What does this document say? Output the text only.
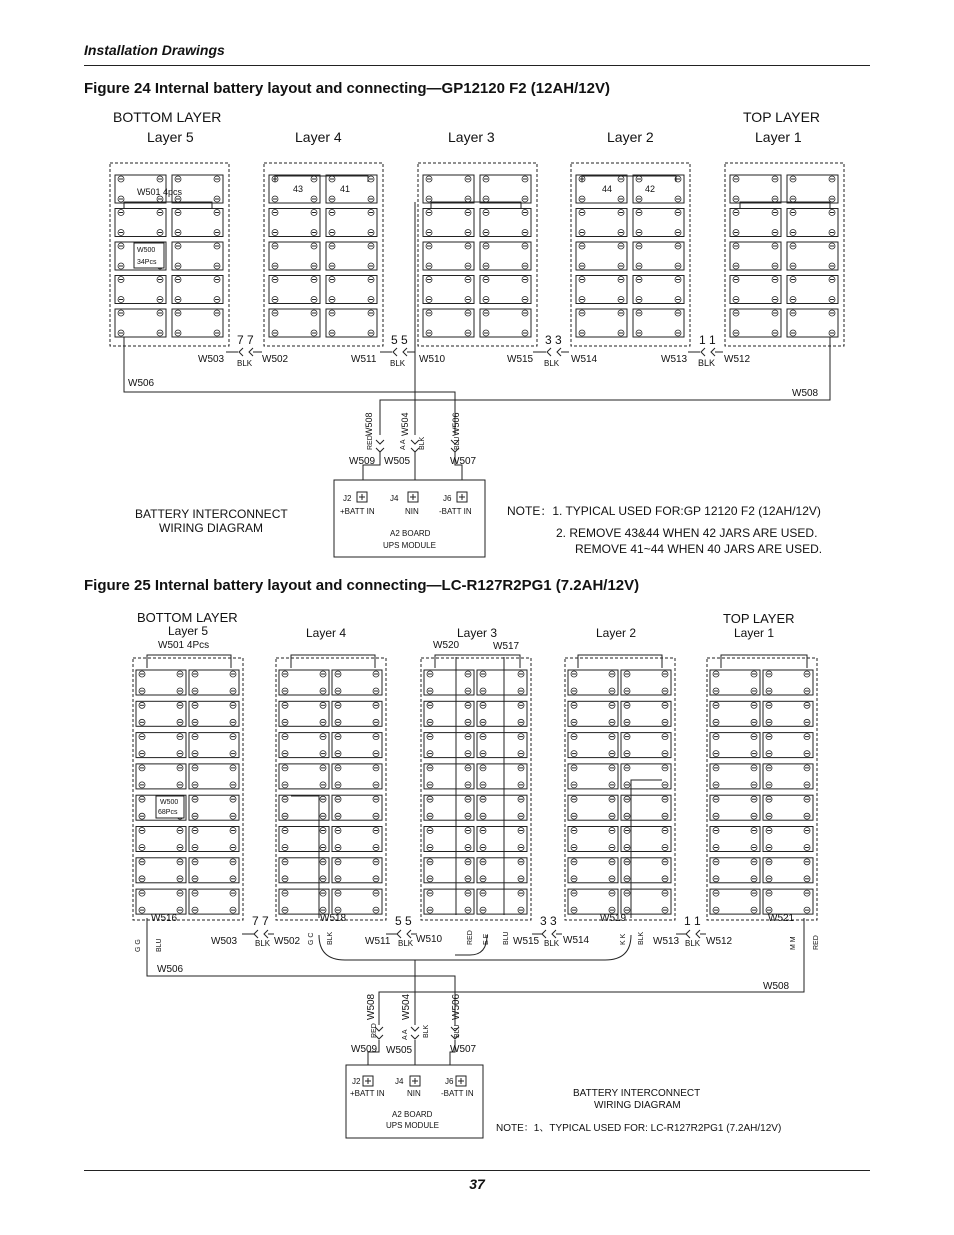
Installation Drawings
Figure 24 Internal battery layout and connecting—GP12120 F2 (12AH/12V)
BOTTOM LAYER	TOP LAYER
Layer 5	Layer 4	Layer 3	Layer 2	Layer 1
43	41	44	42
W501 4pcs
W500
34Pcs
7 7
BLK
5 5
BLK
3 3
BLK
1 1
BLK
W503	W502	W511	W510	W515	W514	W513	W512
W506
W508
W508	W504	W506
RED	A A BLK	BLU
W509 W505	W507
J2	J4	J6
+BATT IN	NIN	-BATT IN
A2 BOARD
UPS MODULE
BATTERY INTERCONNECT
WIRING DIAGRAM
NOTE：1. TYPICAL USED FOR:GP 12120 F2 (12AH/12V)
2. REMOVE 43&44 WHEN 42 JARS ARE USED.
REMOVE 41~44 WHEN 40 JARS ARE USED.
Figure 25 Internal battery layout and connecting—LC-R127R2PG1 (7.2AH/12V)
BOTTOM LAYER	TOP LAYER
Layer 5	Layer 4	Layer 3	Layer 2	Layer 1
W501 4Pcs	W520	W517
W500
68Pcs
W516	W518	W519	W521
7 7
BLK
5 5
BLK
3 3
BLK
1 1
BLK
W503	W502	W511	W510	W515 W514	W513	W512
G G BLU	G C BLK	RED E E BLU	K K BLK	M M RED
W506
W508
W508 W504	W506
RED	A A BLK	BLU
W509 W505	W507
J2	J4	J6
+BATT IN	NIN	-BATT IN
A2 BOARD
UPS MODULE
BATTERY INTERCONNECT
WIRING DIAGRAM
NOTE：1、TYPICAL USED FOR: LC-R127R2PG1 (7.2AH/12V)
37
